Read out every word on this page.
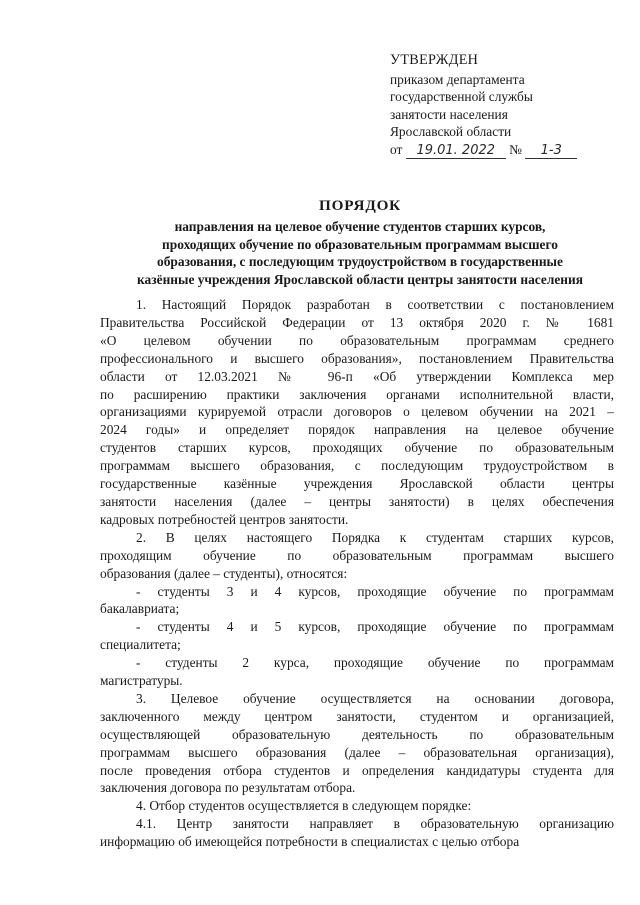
УТВЕРЖДЕН
приказом департамента
государственной службы
занятости населения
Ярославской области
от 19.01. 2022 № 1-3
ПОРЯДОК
направления на целевое обучение студентов старших курсов,
проходящих обучение по образовательным программам высшего
образования, с последующим трудоустройством в государственные
казённые учреждения Ярославской области центры занятости населения

1. Настоящий Порядок разработан в соответствии с постановлением
Правительства Российской Федерации от 13 октября 2020 г. № 1681
«О целевом обучении по образовательным программам среднего
профессионального и высшего образования», постановлением Правительства
области от 12.03.2021 № 96-п «Об утверждении Комплекса мер
по расширению практики заключения органами исполнительной власти,
организациями курируемой отрасли договоров о целевом обучении на 2021 –
2024 годы» и определяет порядок направления на целевое обучение
студентов старших курсов, проходящих обучение по образовательным
программам высшего образования, с последующим трудоустройством в
государственные казённые учреждения Ярославской области центры
занятости населения (далее – центры занятости) в целях обеспечения
кадровых потребностей центров занятости.

2. В целях настоящего Порядка к студентам старших курсов,
проходящим обучение по образовательным программам высшего
образования (далее – студенты), относятся:

- студенты 3 и 4 курсов, проходящие обучение по программам
бакалавриата;

- студенты 4 и 5 курсов, проходящие обучение по программам
специалитета;

- студенты 2 курса, проходящие обучение по программам
магистратуры.

3. Целевое обучение осуществляется на основании договора,
заключенного между центром занятости, студентом и организацией,
осуществляющей образовательную деятельность по образовательным
программам высшего образования (далее – образовательная организация),
после проведения отбора студентов и определения кандидатуры студента для
заключения договора по результатам отбора.

4. Отбор студентов осуществляется в следующем порядке:

4.1. Центр занятости направляет в образовательную организацию
информацию об имеющейся потребности в специалистах с целью отбора
